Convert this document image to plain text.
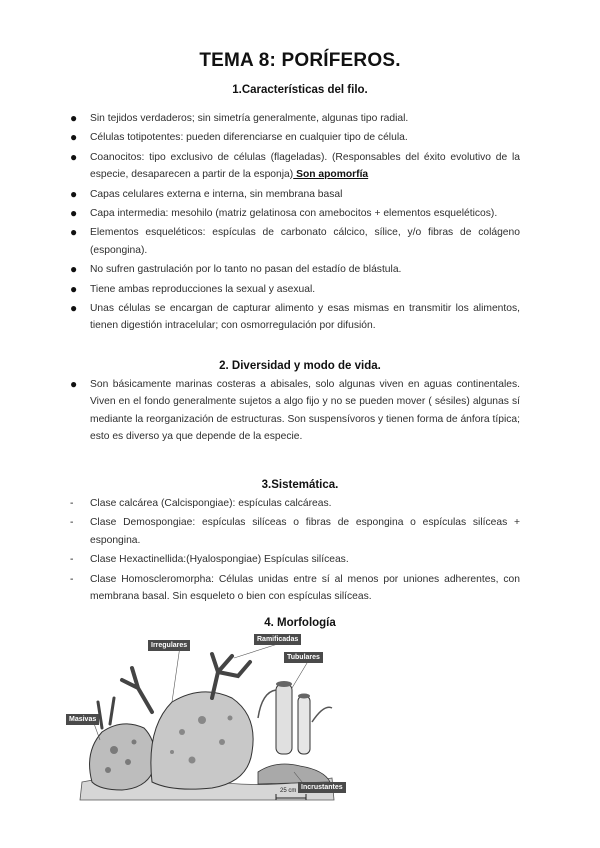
TEMA 8: PORÍFEROS.
1.Características del filo.
● Sin tejidos verdaderos; sin simetría generalmente, algunas tipo radial.
● Células totipotentes: pueden diferenciarse en cualquier tipo de célula.
● Coanocitos: tipo exclusivo de células (flageladas). (Responsables del éxito evolutivo de la especie, desaparecen a partir de la esponja) Son apomorfía
● Capas celulares externa e interna, sin membrana basal
● Capa intermedia: mesohilo (matriz gelatinosa con amebocitos + elementos esqueléticos).
● Elementos esqueléticos: espículas de carbonato cálcico, sílice, y/o fibras de colágeno (espongina).
● No sufren gastrulación por lo tanto no pasan del estadío de blástula.
● Tiene ambas reproducciones la sexual y asexual.
● Unas células se encargan de capturar alimento y esas mismas en transmitir los alimentos, tienen digestión intracelular; con osmorregulación por difusión.
2. Diversidad y modo de vida.
● Son básicamente marinas costeras a abisales, solo algunas viven en aguas continentales. Viven en el fondo generalmente sujetos a algo fijo y no se pueden mover ( sésiles) algunas sí mediante la reorganización de estructuras. Son suspensívoros y tienen forma de ánfora típica; esto es diverso ya que depende de la especie.
3.Sistemática.
- Clase calcárea (Calcispongiae): espículas calcáreas.
- Clase Demospongiae: espículas silíceas o fibras de espongina o espículas silíceas + espongina.
- Clase Hexactinellida:(Hyalospongiae) Espículas silíceas.
- Clase Homoscleromorpha: Células unidas entre sí al menos por uniones adherentes, con membrana basal. Sin esqueleto o bien con espículas silíceas.
4. Morfología
Irregulares
Ramificadas
Tubulares
Masivas
Incrustantes
25 cm
